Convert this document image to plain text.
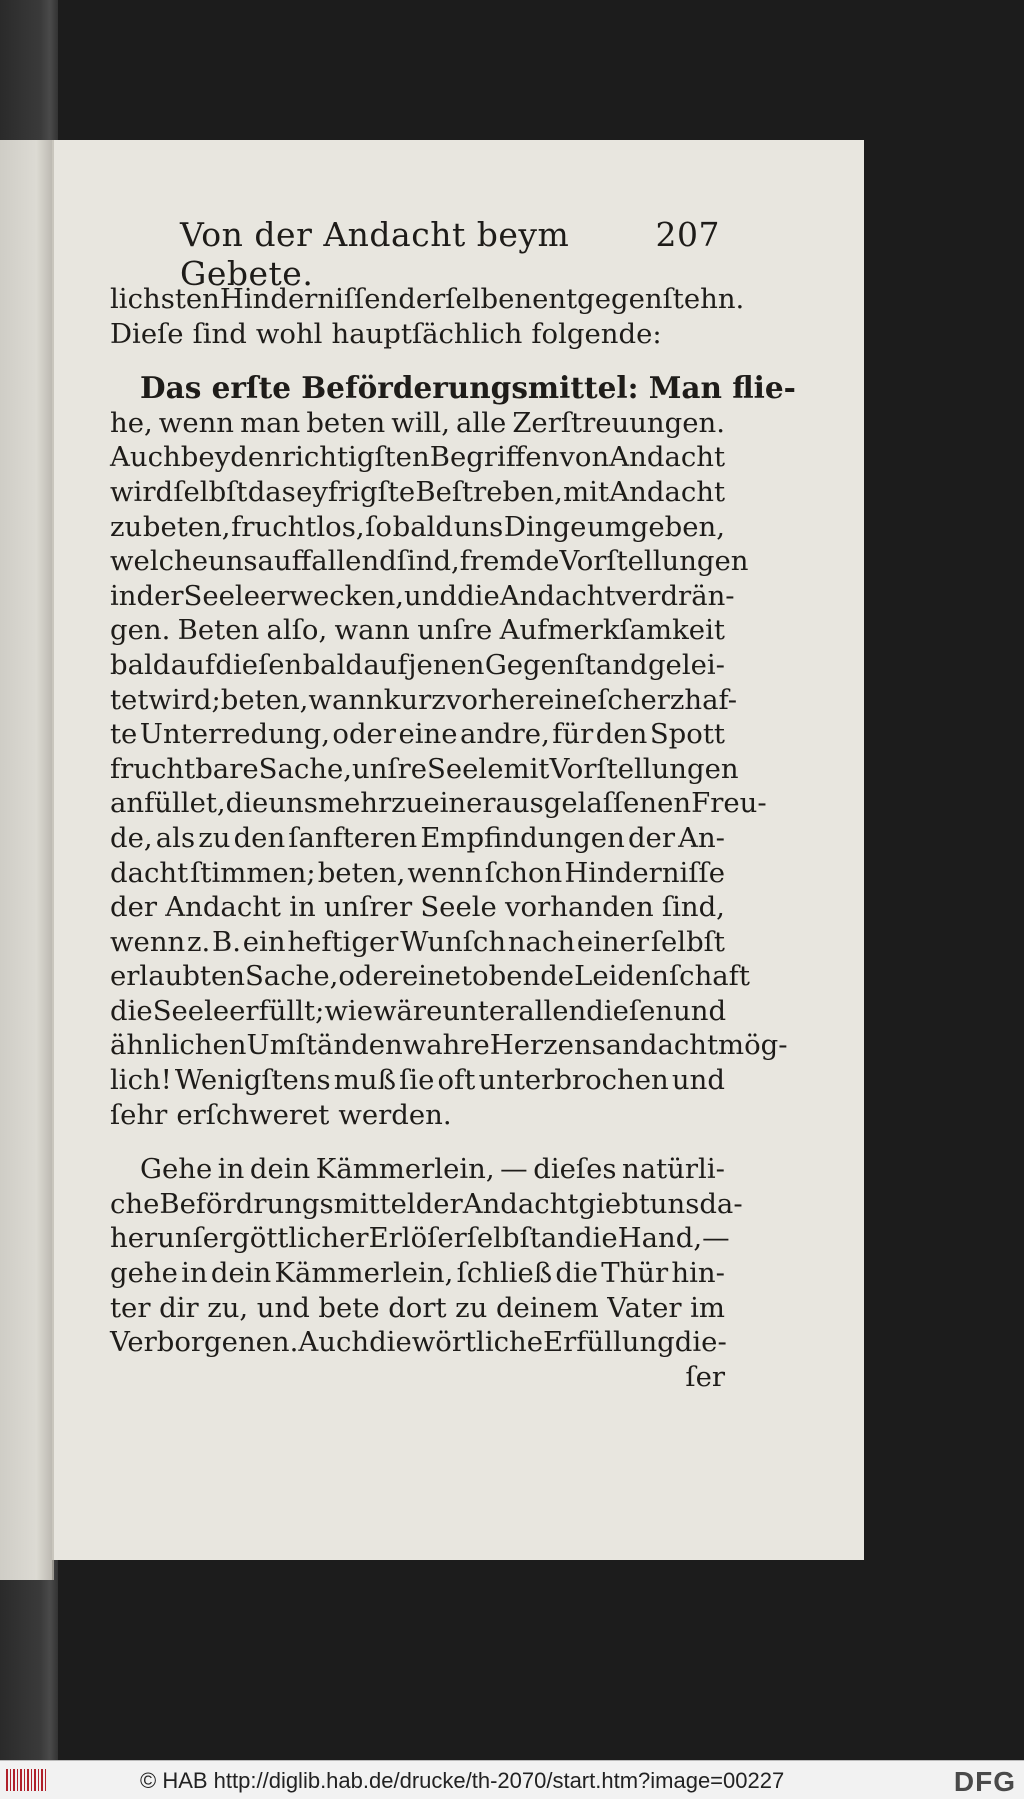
Von der Andacht beym Gebete.
207
lichsten Hinderniſſen derſelben entgegenſtehn.
Dieſe ſind wohl hauptſächlich folgende:
Das erſte Beförderungsmittel: Man flie-
he, wenn man beten will, alle Zerſtreuungen.
Auch bey den richtigſten Begriffen von Andacht
wird ſelbſt das eyfrigſte Beſtreben, mit Andacht
zu beten, fruchtlos, ſo bald uns Dinge umgeben,
welche uns auffallend ſind, fremde Vorſtellungen
in der Seele erwecken, und die Andacht verdrän-
gen. Beten alſo, wann unſre Aufmerkſamkeit
bald auf dieſen bald auf jenen Gegenſtand gelei-
tet wird; beten, wann kurz vorher eine ſcherzhaf-
te Unterredung, oder eine andre, für den Spott
fruchtbare Sache, unſre Seele mit Vorſtellungen
anfüllet, die uns mehr zu einer ausgelaſſenen Freu-
de, als zu den ſanfteren Empfindungen der An-
dacht ſtimmen; beten, wenn ſchon Hinderniſſe
der Andacht in unſrer Seele vorhanden ſind,
wenn z. B. ein heftiger Wunſch nach einer ſelbſt
erlaubten Sache, oder eine tobende Leidenſchaft
die Seele erfüllt; wie wäre unter allen dieſen und
ähnlichen Umſtänden wahre Herzensandacht mög-
lich! Wenigſtens muß ſie oft unterbrochen und
ſehr erſchweret werden.
Gehe in dein Kämmerlein, — dieſes natürli-
che Befördrungsmittel der Andacht giebt uns da-
her unſer göttlicher Erlöſer ſelbſt an die Hand, —
gehe in dein Kämmerlein, ſchließ die Thür hin-
ter dir zu, und bete dort zu deinem Vater im
Verborgenen. Auch die wörtliche Erfüllung die-
ſer
© HAB http://diglib.hab.de/drucke/th-2070/start.htm?image=00227	DFG
